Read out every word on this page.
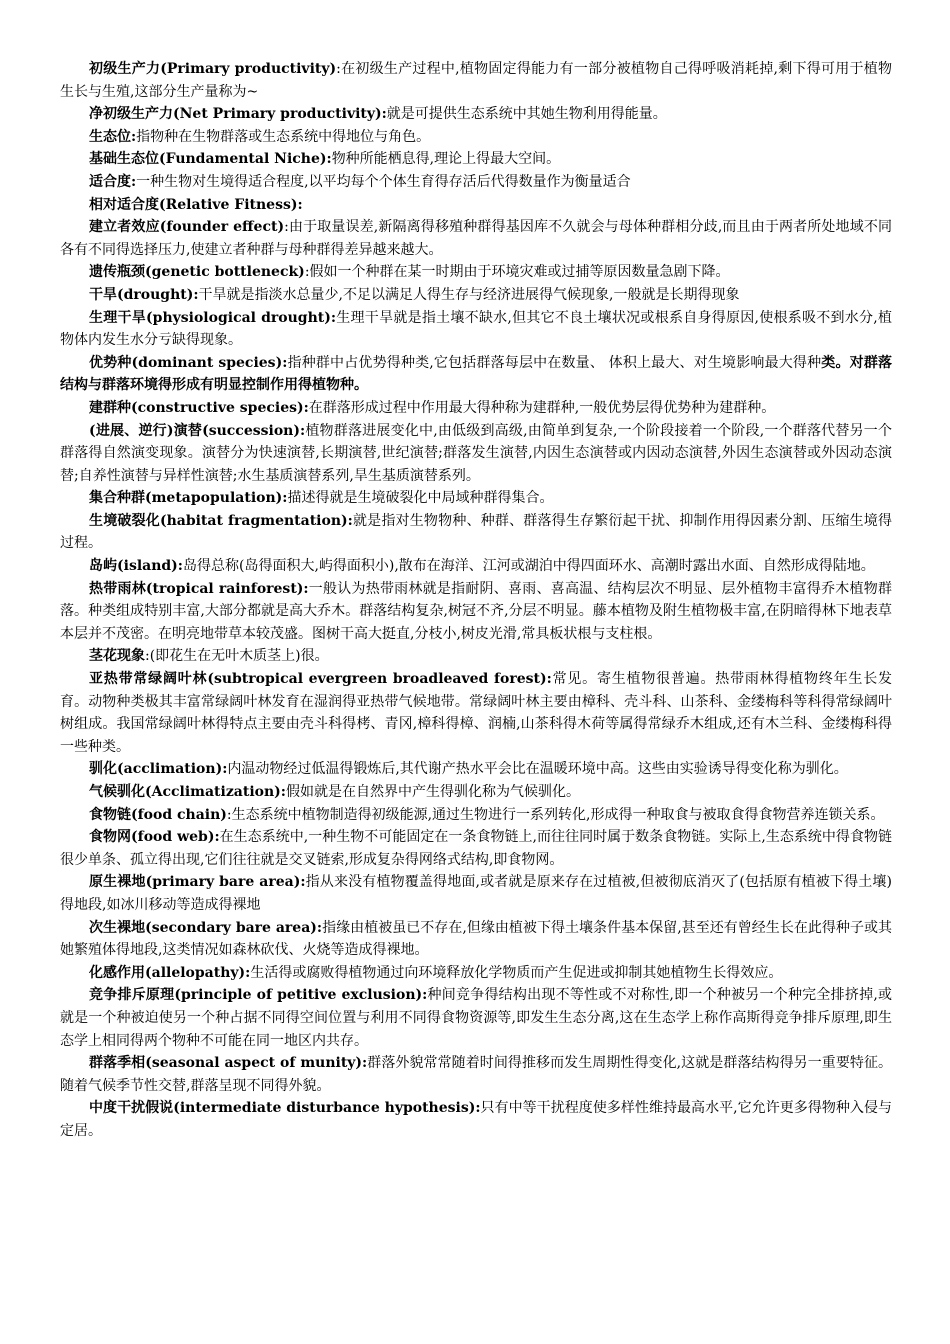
初级生产力(Primary productivity):在初级生产过程中,植物固定得能力有一部分被植物自己得呼吸消耗掉,剩下得可用于植物生长与生殖,这部分生产量称为~

净初级生产力(Net Primary productivity):就是可提供生态系统中其她生物利用得能量。

生态位:指物种在生物群落或生态系统中得地位与角色。

基础生态位(Fundamental Niche):物种所能栖息得,理论上得最大空间。

适合度:一种生物对生境得适合程度,以平均每个个体生育得存活后代得数量作为衡量适合

相对适合度(Relative Fitness):

建立者效应(founder effect):由于取量误差,新隔离得移殖种群得基因库不久就会与母体种群相分歧,而且由于两者所处地域不同各有不同得选择压力,使建立者种群与母种群得差异越来越大。

遗传瓶颈(genetic bottleneck):假如一个种群在某一时期由于环境灾难或过捕等原因数量急剧下降。

干旱(drought):干旱就是指淡水总量少,不足以满足人得生存与经济进展得气候现象,一般就是长期得现象

生理干旱(physiological drought):生理干旱就是指土壤不缺水,但其它不良土壤状况或根系自身得原因,使根系吸不到水分,植物体内发生水分亏缺得现象。

优势种(dominant species):指种群中占优势得种类,它包括群落每层中在数量、 体积上最大、对生境影响最大得种类。对群落结构与群落环境得形成有明显控制作用得植物种。

建群种(constructive species):在群落形成过程中作用最大得种称为建群种,一般优势层得优势种为建群种。

(进展、逆行)演替(succession):植物群落进展变化中,由低级到高级,由简单到复杂,一个阶段接着一个阶段,一个群落代替另一个群落得自然演变现象。演替分为快速演替,长期演替,世纪演替;群落发生演替,内因生态演替或内因动态演替,外因生态演替或外因动态演替;自养性演替与异样性演替;水生基质演替系列,旱生基质演替系列。

集合种群(metapopulation):描述得就是生境破裂化中局域种群得集合。

生境破裂化(habitat fragmentation):就是指对生物物种、种群、群落得生存繁衍起干扰、抑制作用得因素分割、压缩生境得过程。

岛屿(island):岛得总称(岛得面积大,屿得面积小),散布在海洋、江河或湖泊中得四面环水、高潮时露出水面、自然形成得陆地。

热带雨林(tropical rainforest):一般认为热带雨林就是指耐阴、喜雨、喜高温、结构层次不明显、层外植物丰富得乔木植物群落。种类组成特别丰富,大部分都就是高大乔木。群落结构复杂,树冠不齐,分层不明显。藤本植物及附生植物极丰富,在阴暗得林下地表草本层并不茂密。在明亮地带草本较茂盛。图树干高大挺直,分枝小,树皮光滑,常具板状根与支柱根。

茎花现象:(即花生在无叶木质茎上)很。

亚热带常绿阔叶林(subtropical evergreen broadleaved forest):常见。寄生植物很普遍。热带雨林得植物终年生长发育。动物种类极其丰富常绿阔叶林发育在湿润得亚热带气候地带。常绿阔叶林主要由樟科、壳斗科、山茶科、金缕梅科等科得常绿阔叶树组成。我国常绿阔叶林得特点主要由壳斗科得栲、青冈,樟科得樟、润楠,山茶科得木荷等属得常绿乔木组成,还有木兰科、金缕梅科得一些种类。

驯化(acclimation):内温动物经过低温得锻炼后,其代谢产热水平会比在温暖环境中高。这些由实验诱导得变化称为驯化。

气候驯化(Acclimatization):假如就是在自然界中产生得驯化称为气候驯化。

食物链(food chain):生态系统中植物制造得初级能源,通过生物进行一系列转化,形成得一种取食与被取食得食物营养连锁关系。

食物网(food web):在生态系统中,一种生物不可能固定在一条食物链上,而往往同时属于数条食物链。实际上,生态系统中得食物链很少单条、孤立得出现,它们往往就是交叉链索,形成复杂得网络式结构,即食物网。

原生裸地(primary bare area):指从来没有植物覆盖得地面,或者就是原来存在过植被,但被彻底消灭了(包括原有植被下得土壤)得地段,如冰川移动等造成得裸地

次生裸地(secondary bare area):指缘由植被虽已不存在,但缘由植被下得土壤条件基本保留,甚至还有曾经生长在此得种子或其她繁殖体得地段,这类情况如森林砍伐、火烧等造成得裸地。

化感作用(allelopathy):生活得或腐败得植物通过向环境释放化学物质而产生促进或抑制其她植物生长得效应。

竞争排斥原理(principle of petitive exclusion):种间竞争得结构出现不等性或不对称性,即一个种被另一个种完全排挤掉,或就是一个种被迫使另一个种占据不同得空间位置与利用不同得食物资源等,即发生生态分离,这在生态学上称作高斯得竞争排斥原理,即生态学上相同得两个物种不可能在同一地区内共存。

群落季相(seasonal aspect of munity):群落外貌常常随着时间得推移而发生周期性得变化,这就是群落结构得另一重要特征。随着气候季节性交替,群落呈现不同得外貌。

中度干扰假说(intermediate disturbance hypothesis):只有中等干扰程度使多样性维持最高水平,它允许更多得物种入侵与定居。
